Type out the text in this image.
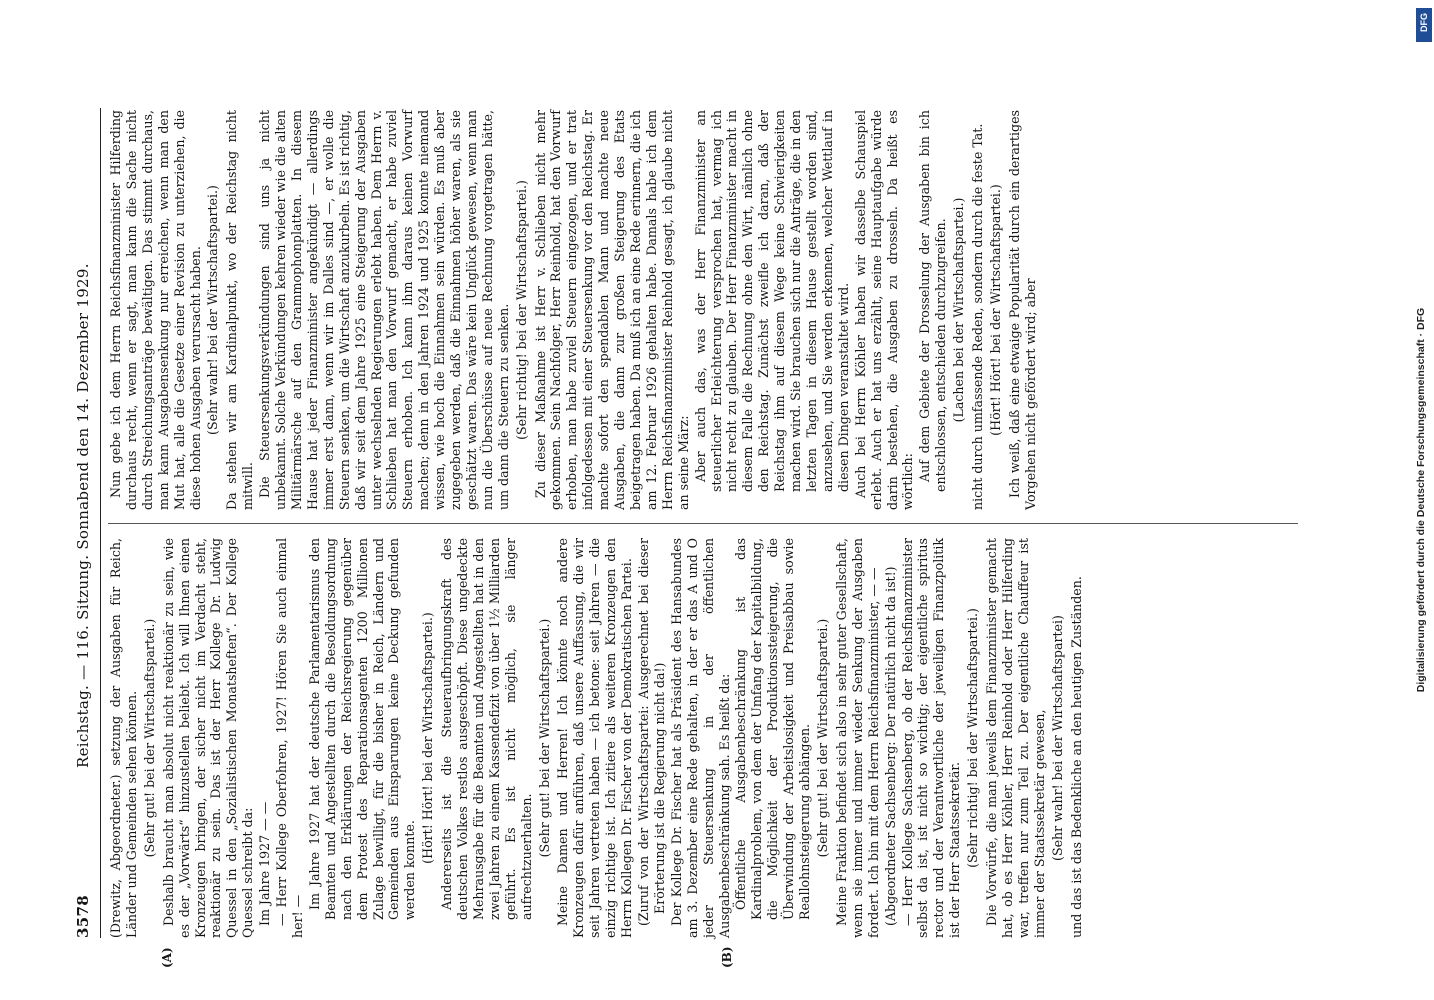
3578
Reichstag. — 116. Sitzung. Sonnabend den 14. Dezember 1929.
(A)	(B)

(Drewitz, Abgeordneter.) setzung der Ausgaben für Reich, Länder und Gemeinden sehen können. (Sehr gut! bei der Wirtschaftspartei.) Deshalb braucht man absolut nicht reaktionär zu sein, wie es der „Vorwärts“ hinzustellen beliebt. Ich will Ihnen einen Kronzeugen bringen, der sicher nicht im Verdacht steht, reaktionär zu sein. Das ist der Herr Kollege Dr. Ludwig Quessel in den „Sozialistischen Monatsheften“. Der Kollege Quessel schreibt da: Im Jahre 1927 — — — Herr Kollege Oberfohren, 1927! Hören Sie auch einmal her! —

Im Jahre 1927 hat der deutsche Parlamentarismus den Beamten und Angestellten durch die Besoldungsordnung nach den Erklärungen der Reichsregierung gegenüber dem Protest des Reparationsagenten 1200 Millionen Zulage bewilligt, für die bisher in Reich, Ländern und Gemeinden aus Einsparungen keine Deckung gefunden werden konnte.

(Hört! Hört! bei der Wirtschaftspartei.) Andererseits ist die Steueraufbringungskraft des deutschen Volkes restlos ausgeschöpft. Diese ungedeckte Mehrausgabe für die Beamten und Angestellten hat in den zwei Jahren zu einem Kassendefizit von über 1½ Milliarden geführt. Es ist nicht möglich, sie länger aufrechtzuerhalten. (Sehr gut! bei der Wirtschaftspartei.) Meine Damen und Herren! Ich könnte noch andere Kronzeugen dafür anführen, daß unsere Auffassung, die wir seit Jahren vertreten haben — ich betone: seit Jahren — die einzig richtige ist. Ich zitiere als weiteren Kronzeugen den Herrn Kollegen Dr. Fischer von der Demokratischen Partei. (Zuruf von der Wirtschaftspartei: Ausgerechnet bei dieser Erörterung ist die Regierung nicht da!) Der Kollege Dr. Fischer hat als Präsident des Hansabundes am 3. Dezember eine Rede gehalten, in der er das A und O jeder Steuersenkung in der öffentlichen Ausgabenbeschränkung sah. Es heißt da: Öffentliche Ausgabenbeschränkung ist das Kardinalproblem, von dem der Umfang der Kapitalbildung, die Möglichkeit der Produktionssteigerung, die Überwindung der Arbeitslosigkeit und Preisabbau sowie Reallohnsteigerung abhängen. (Sehr gut! bei der Wirtschaftspartei.) Meine Fraktion befindet sich also in sehr guter Gesellschaft, wenn sie immer und immer wieder Senkung der Ausgaben fordert. Ich bin mit dem Herrn Reichsfinanzminister, — — (Abgeordneter Sachsenberg: Der natürlich nicht da ist!) — Herr Kollege Sachsenberg, ob der Reichsfinanzminister selbst da ist, ist nicht so wichtig; der eigentliche spiritus rector und der Verantwortliche der jeweiligen Finanzpolitik ist der Herr Staatssekretär. (Sehr richtig! bei der Wirtschaftspartei.) Die Vorwürfe, die man jeweils dem Finanzminister gemacht hat, ob es Herr Köhler, Herr Reinhold oder Herr Hilferding war, treffen nur zum Teil zu. Der eigentliche Chauffeur ist immer der Staatssekretär gewesen, (Sehr wahr! bei der Wirtschaftspartei) und das ist das Bedenkliche an den heutigen Zuständen.

Nun gebe ich dem Herrn Reichsfinanzminister Hilferding durchaus recht, wenn er sagt, man kann die Sache nicht durch Streichungsanträge bewältigen. Das stimmt durchaus, man kann Ausgabensenkung nur erreichen, wenn man den Mut hat, alle die Gesetze einer Revision zu unterziehen, die diese hohen Ausgaben verursacht haben. (Sehr wahr! bei der Wirtschaftspartei.) Da stehen wir am Kardinalpunkt, wo der Reichstag nicht mitwill. Die Steuersenkungsverkündungen sind uns ja nicht unbekannt. Solche Verkündungen kehren wieder wie die alten Militärmärsche auf den Grammophonplatten. In diesem Hause hat jeder Finanzminister angekündigt — allerdings immer erst dann, wenn wir im Dalles sind —, er wolle die Steuern senken, um die Wirtschaft anzukurbeln. Es ist richtig, daß wir seit dem Jahre 1925 eine Steigerung der Ausgaben unter wechselnden Regierungen erlebt haben. Dem Herrn v. Schlieben hat man den Vorwurf gemacht, er habe zuviel Steuern erhoben. Ich kann ihm daraus keinen Vorwurf machen; denn in den Jahren 1924 und 1925 konnte niemand wissen, wie hoch die Einnahmen sein würden. Es muß aber zugegeben werden, daß die Einnahmen höher waren, als sie geschätzt waren. Das wäre kein Unglück gewesen, wenn man nun die Überschüsse auf neue Rechnung vorgetragen hätte, um dann die Steuern zu senken. (Sehr richtig! bei der Wirtschaftspartei.) Zu dieser Maßnahme ist Herr v. Schlieben nicht mehr gekommen. Sein Nachfolger, Herr Reinhold, hat den Vorwurf erhoben, man habe zuviel Steuern eingezogen, und er trat infolgedessen mit einer Steuersenkung vor den Reichstag. Er machte sofort den spendablen Mann und machte neue Ausgaben, die dann zur großen Steigerung des Etats beigetragen haben. Da muß ich an eine Rede erinnern, die ich am 12. Februar 1926 gehalten habe. Damals habe ich dem Herrn Reichsfinanzminister Reinhold gesagt, ich glaube nicht an seine März: Aber auch das, was der Herr Finanzminister an steuerlicher Erleichterung versprochen hat, vermag ich nicht recht zu glauben. Der Herr Finanzminister macht in diesem Falle die Rechnung ohne den Wirt, nämlich ohne den Reichstag. Zunächst zweifle ich daran, daß der Reichstag ihm auf diesem Wege keine Schwierigkeiten machen wird. Sie brauchen sich nur die Anträge, die in den letzten Tagen in diesem Hause gestellt worden sind, anzusehen, und Sie werden erkennen, welcher Wettlauf in diesen Dingen veranstaltet wird. Auch bei Herrn Köhler haben wir dasselbe Schauspiel erlebt. Auch er hat uns erzählt, seine Hauptaufgabe würde darin bestehen, die Ausgaben zu drosseln. Da heißt es wörtlich: Auf dem Gebiete der Drosselung der Ausgaben bin ich entschlossen, entschieden durchzugreifen. (Lachen bei der Wirtschaftspartei.) nicht durch umfassende Reden, sondern durch die feste Tat. (Hört! Hört! bei der Wirtschaftspartei.) Ich weiß, daß eine etwaige Popularität durch ein derartiges Vorgehen nicht gefördert wird; aber	Digitalisierung gefördert durch die Deutsche Forschungsgemeinschaft · DFG
DFG
